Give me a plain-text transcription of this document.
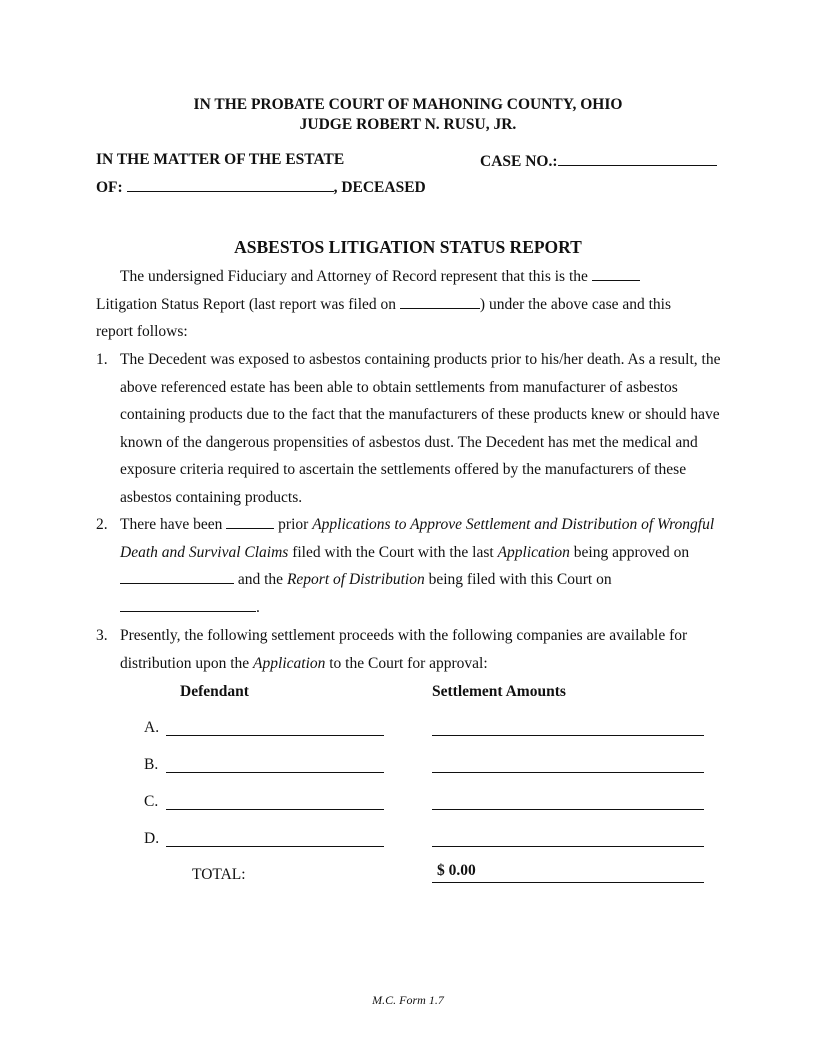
IN THE PROBATE COURT OF MAHONING COUNTY, OHIO
JUDGE ROBERT N. RUSU, JR.
IN THE MATTER OF THE ESTATE	CASE NO.:
OF:	, DECEASED
ASBESTOS LITIGATION STATUS REPORT
The undersigned Fiduciary and Attorney of Record represent that this is the
Litigation Status Report (last report was filed on	) under the above case and this
report follows:
1. The Decedent was exposed to asbestos containing products prior to his/her death. As a result, the above referenced estate has been able to obtain settlements from manufacturer of asbestos containing products due to the fact that the manufacturers of these products knew or should have known of the dangerous propensities of asbestos dust. The Decedent has met the medical and exposure criteria required to ascertain the settlements offered by the manufacturers of these asbestos containing products.
2. There have been	prior Applications to Approve Settlement and Distribution of Wrongful Death and Survival Claims filed with the Court with the last Application being approved on  and the Report of Distribution being filed with this Court on .
3. Presently, the following settlement proceeds with the following companies are available for distribution upon the Application to the Court for approval:
Defendant	Settlement Amounts
A.
B.
C.
D.
TOTAL:	$ 0.00
M.C. Form 1.7
